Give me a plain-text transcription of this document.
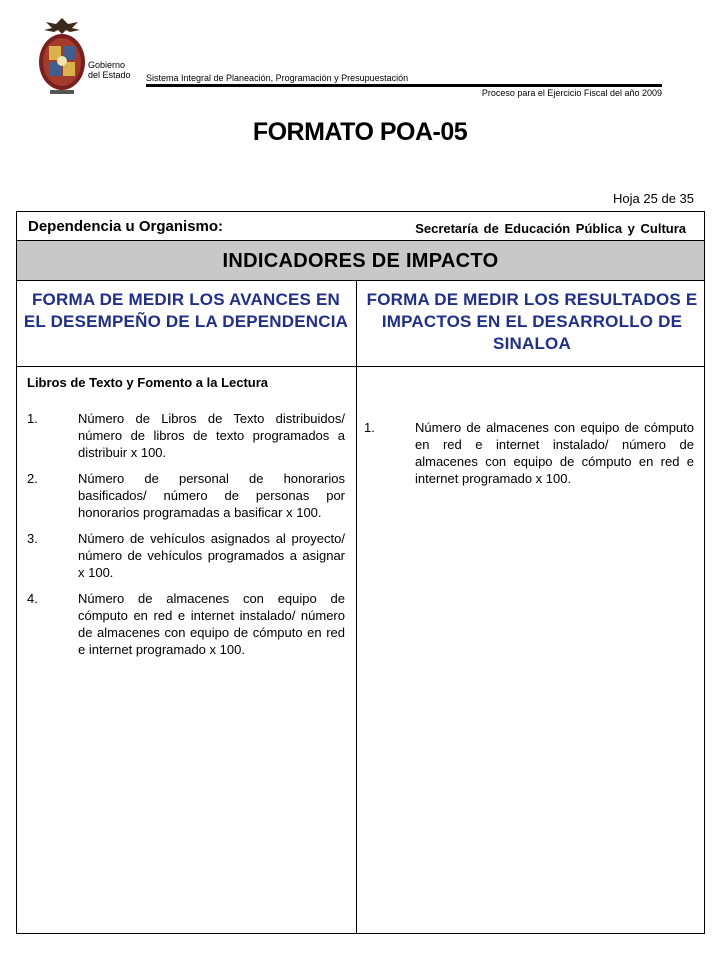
Gobierno
del Estado Sistema Integral de Planeación, Programación y Presupuestación
Proceso para el Ejercicio Fiscal del año 2009
FORMATO POA-05
Hoja 25 de 35
Dependencia u Organismo:	Secretaría de Educación Pública y Cultura
INDICADORES DE IMPACTO
FORMA DE MEDIR LOS AVANCES EN EL DESEMPEÑO DE LA DEPENDENCIA
FORMA DE MEDIR LOS RESULTADOS E IMPACTOS EN EL DESARROLLO DE SINALOA
Libros de Texto y Fomento a la Lectura
1.	Número de Libros de Texto distribuidos/ número de libros de texto programados a distribuir x 100.
2.	Número de personal de honorarios basificados/ número de personas por honorarios programadas a basificar x 100.
3.	Número de vehículos asignados al proyecto/ número de vehículos programados a asignar x 100.
4.	Número de almacenes con equipo de cómputo en red e internet instalado/ número de almacenes con equipo de cómputo en red e internet programado x 100.
1.	Número de almacenes con equipo de cómputo en red e internet instalado/ número de almacenes con equipo de cómputo en red e internet programado x 100.
